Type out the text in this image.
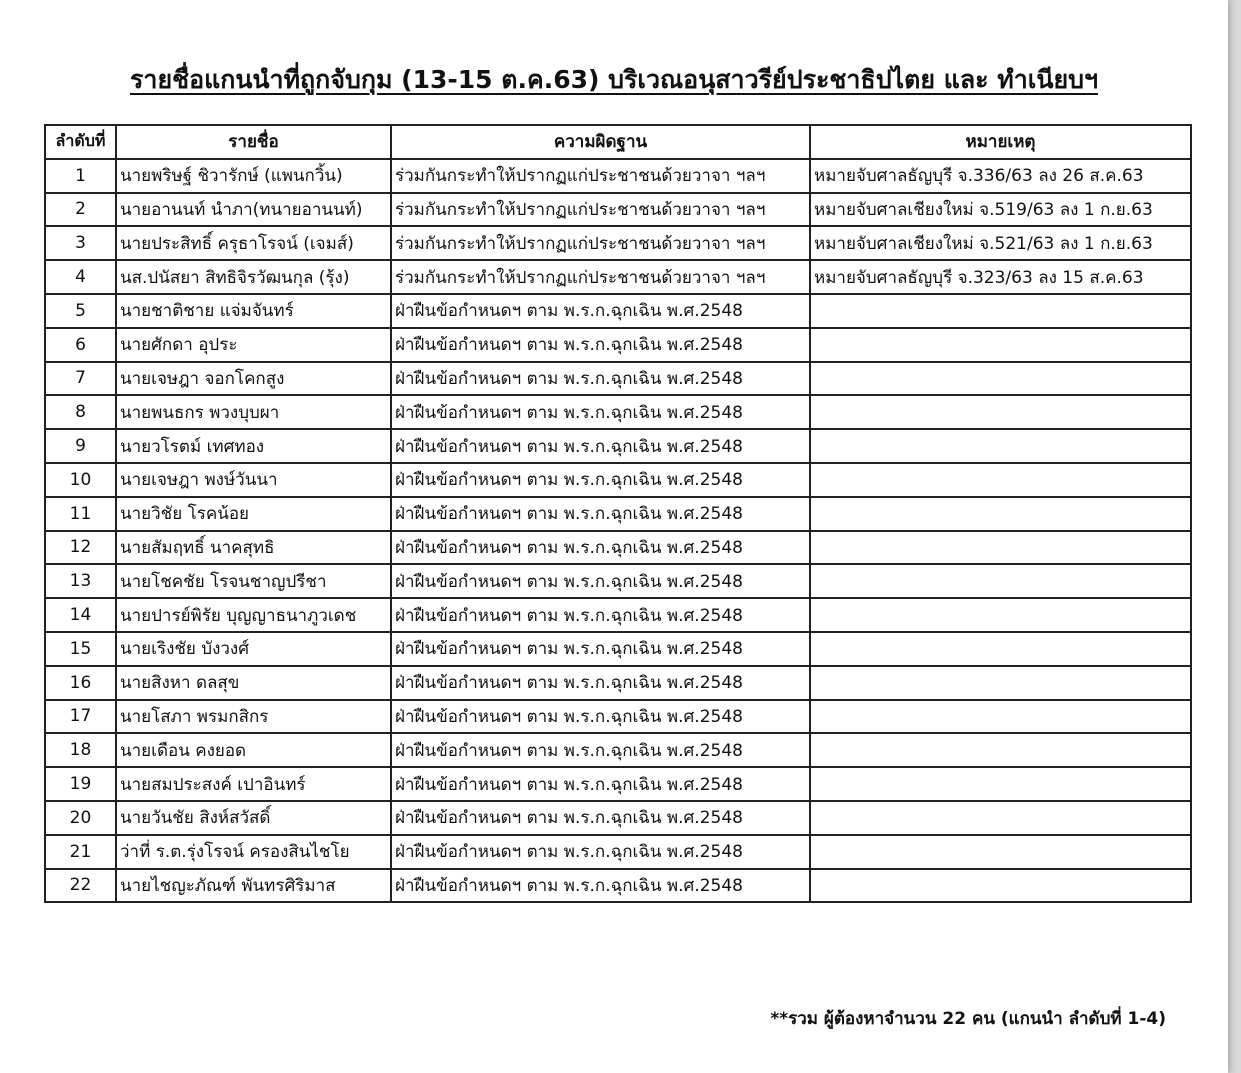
รายชื่อแกนนำที่ถูกจับกุม (13-15 ต.ค.63) บริเวณอนุสาวรีย์ประชาธิปไตย และ ทำเนียบฯ
ลำดับที่	รายชื่อ	ความผิดฐาน	หมายเหตุ
1	นายพริษฐ์ ชิวารักษ์ (แพนกวิ้น)	ร่วมกันกระทำให้ปรากฏแก่ประชาชนด้วยวาจา ฯลฯ	หมายจับศาลธัญบุรี จ.336/63 ลง 26 ส.ค.63
2	นายอานนท์ นำภา(ทนายอานนท์)	ร่วมกันกระทำให้ปรากฏแก่ประชาชนด้วยวาจา ฯลฯ	หมายจับศาลเชียงใหม่ จ.519/63 ลง 1 ก.ย.63
3	นายประสิทธิ์ ครุธาโรจน์ (เจมส์)	ร่วมกันกระทำให้ปรากฏแก่ประชาชนด้วยวาจา ฯลฯ	หมายจับศาลเชียงใหม่ จ.521/63 ลง 1 ก.ย.63
4	นส.ปนัสยา สิทธิจิรวัฒนกุล (รุ้ง)	ร่วมกันกระทำให้ปรากฏแก่ประชาชนด้วยวาจา ฯลฯ	หมายจับศาลธัญบุรี จ.323/63 ลง 15 ส.ค.63
5	นายชาติชาย แจ่มจันทร์	ฝ่าฝืนข้อกำหนดฯ ตาม พ.ร.ก.ฉุกเฉิน พ.ศ.2548	
6	นายศักดา อุประ	ฝ่าฝืนข้อกำหนดฯ ตาม พ.ร.ก.ฉุกเฉิน พ.ศ.2548	
7	นายเจษฎา จอกโคกสูง	ฝ่าฝืนข้อกำหนดฯ ตาม พ.ร.ก.ฉุกเฉิน พ.ศ.2548	
8	นายพนธกร พวงบุบผา	ฝ่าฝืนข้อกำหนดฯ ตาม พ.ร.ก.ฉุกเฉิน พ.ศ.2548	
9	นายวโรตม์ เทศทอง	ฝ่าฝืนข้อกำหนดฯ ตาม พ.ร.ก.ฉุกเฉิน พ.ศ.2548	
10	นายเจษฎา พงษ์วันนา	ฝ่าฝืนข้อกำหนดฯ ตาม พ.ร.ก.ฉุกเฉิน พ.ศ.2548	
11	นายวิชัย โรคน้อย	ฝ่าฝืนข้อกำหนดฯ ตาม พ.ร.ก.ฉุกเฉิน พ.ศ.2548	
12	นายสัมฤทธิ์ นาคสุทธิ	ฝ่าฝืนข้อกำหนดฯ ตาม พ.ร.ก.ฉุกเฉิน พ.ศ.2548	
13	นายโชคชัย โรจนชาญปรีชา	ฝ่าฝืนข้อกำหนดฯ ตาม พ.ร.ก.ฉุกเฉิน พ.ศ.2548	
14	นายปารย์พิรัย บุญญาธนาภูวเดช	ฝ่าฝืนข้อกำหนดฯ ตาม พ.ร.ก.ฉุกเฉิน พ.ศ.2548	
15	นายเริงชัย บังวงศ์	ฝ่าฝืนข้อกำหนดฯ ตาม พ.ร.ก.ฉุกเฉิน พ.ศ.2548	
16	นายสิงหา ดลสุข	ฝ่าฝืนข้อกำหนดฯ ตาม พ.ร.ก.ฉุกเฉิน พ.ศ.2548	
17	นายโสภา พรมกสิกร	ฝ่าฝืนข้อกำหนดฯ ตาม พ.ร.ก.ฉุกเฉิน พ.ศ.2548	
18	นายเดือน คงยอด	ฝ่าฝืนข้อกำหนดฯ ตาม พ.ร.ก.ฉุกเฉิน พ.ศ.2548	
19	นายสมประสงค์ เปาอินทร์	ฝ่าฝืนข้อกำหนดฯ ตาม พ.ร.ก.ฉุกเฉิน พ.ศ.2548	
20	นายวันชัย สิงห์สวัสดิ์	ฝ่าฝืนข้อกำหนดฯ ตาม พ.ร.ก.ฉุกเฉิน พ.ศ.2548	
21	ว่าที่ ร.ต.รุ่งโรจน์ ครองสินไชโย	ฝ่าฝืนข้อกำหนดฯ ตาม พ.ร.ก.ฉุกเฉิน พ.ศ.2548	
22	นายไชญะภัณฑ์ พันทรศิริมาส	ฝ่าฝืนข้อกำหนดฯ ตาม พ.ร.ก.ฉุกเฉิน พ.ศ.2548	
**รวม ผู้ต้องหาจำนวน 22 คน (แกนนำ ลำดับที่ 1-4)
